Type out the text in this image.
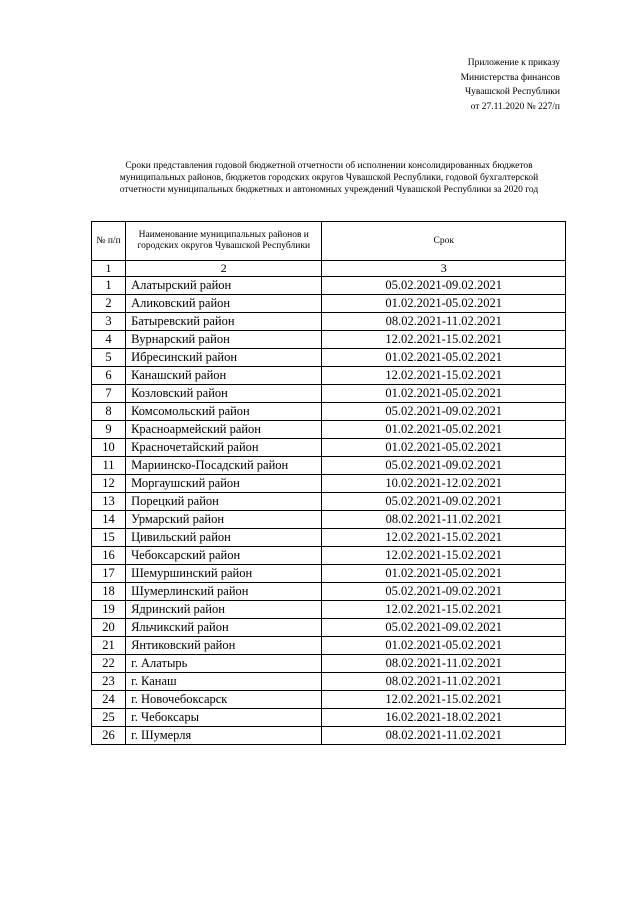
Приложение к приказу
Министерства финансов
Чувашской Республики
от 27.11.2020 № 227/п
Сроки представления годовой бюджетной отчетности об исполнении консолидированных бюджетов
муниципальных районов, бюджетов городских округов Чувашской Республики, годовой бухгалтерской
отчетности муниципальных бюджетных и автономных учреждений Чувашской Республики за 2020 год
№ п/п	Наименование муниципальных районов и городских округов Чувашской Республики	Срок
1	2	3
1	Алатырский район	05.02.2021-09.02.2021
2	Аликовский район	01.02.2021-05.02.2021
3	Батыревский район	08.02.2021-11.02.2021
4	Вурнарский район	12.02.2021-15.02.2021
5	Ибресинский район	01.02.2021-05.02.2021
6	Канашский район	12.02.2021-15.02.2021
7	Козловский район	01.02.2021-05.02.2021
8	Комсомольский район	05.02.2021-09.02.2021
9	Красноармейский район	01.02.2021-05.02.2021
10	Красночетайский район	01.02.2021-05.02.2021
11	Мариинско-Посадский район	05.02.2021-09.02.2021
12	Моргаушский район	10.02.2021-12.02.2021
13	Порецкий район	05.02.2021-09.02.2021
14	Урмарский район	08.02.2021-11.02.2021
15	Цивильский район	12.02.2021-15.02.2021
16	Чебоксарский район	12.02.2021-15.02.2021
17	Шемуршинский район	01.02.2021-05.02.2021
18	Шумерлинский район	05.02.2021-09.02.2021
19	Ядринский район	12.02.2021-15.02.2021
20	Яльчикский район	05.02.2021-09.02.2021
21	Янтиковский район	01.02.2021-05.02.2021
22	г. Алатырь	08.02.2021-11.02.2021
23	г. Канаш	08.02.2021-11.02.2021
24	г. Новочебоксарск	12.02.2021-15.02.2021
25	г. Чебоксары	16.02.2021-18.02.2021
26	г. Шумерля	08.02.2021-11.02.2021
